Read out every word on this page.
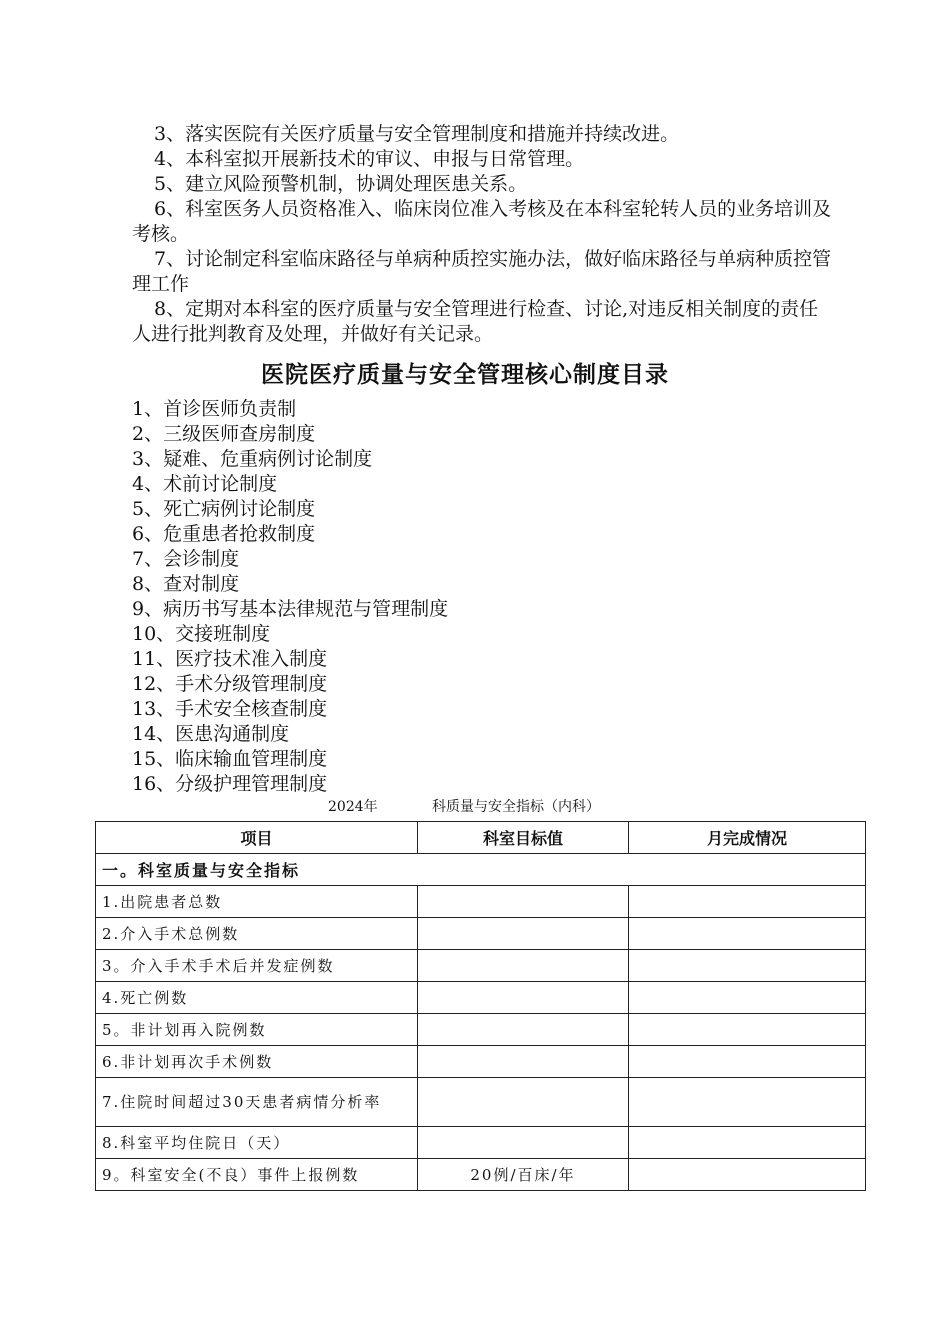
3、落实医院有关医疗质量与安全管理制度和措施并持续改进。

4、本科室拟开展新技术的审议、申报与日常管理。

5、建立风险预警机制，协调处理医患关系。

6、科室医务人员资格准入、临床岗位准入考核及在本科室轮转人员的业务培训及考核。

7、讨论制定科室临床路径与单病种质控实施办法，做好临床路径与单病种质控管理工作

8、定期对本科室的医疗质量与安全管理进行检查、讨论,对违反相关制度的责任人进行批判教育及处理，并做好有关记录。

医院医疗质量与安全管理核心制度目录
1、首诊医师负责制
2、三级医师查房制度
3、疑难、危重病例讨论制度
4、术前讨论制度
5、死亡病例讨论制度
6、危重患者抢救制度
7、会诊制度
8、查对制度
9、病历书写基本法律规范与管理制度
10、交接班制度
11、医疗技术准入制度
12、手术分级管理制度
13、手术安全核查制度
14、医患沟通制度
15、临床输血管理制度
16、分级护理管理制度
2024年	科质量与安全指标（内科）
项目	科室目标值	月完成情况
一。科室质量与安全指标		
1.出院患者总数		
2.介入手术总例数		
3。介入手术手术后并发症例数		
4.死亡例数		
5。非计划再入院例数		
6.非计划再次手术例数		
7.住院时间超过30天患者病情分析率		
8.科室平均住院日（天）		
9。科室安全(不良）事件上报例数	20例/百床/年	
